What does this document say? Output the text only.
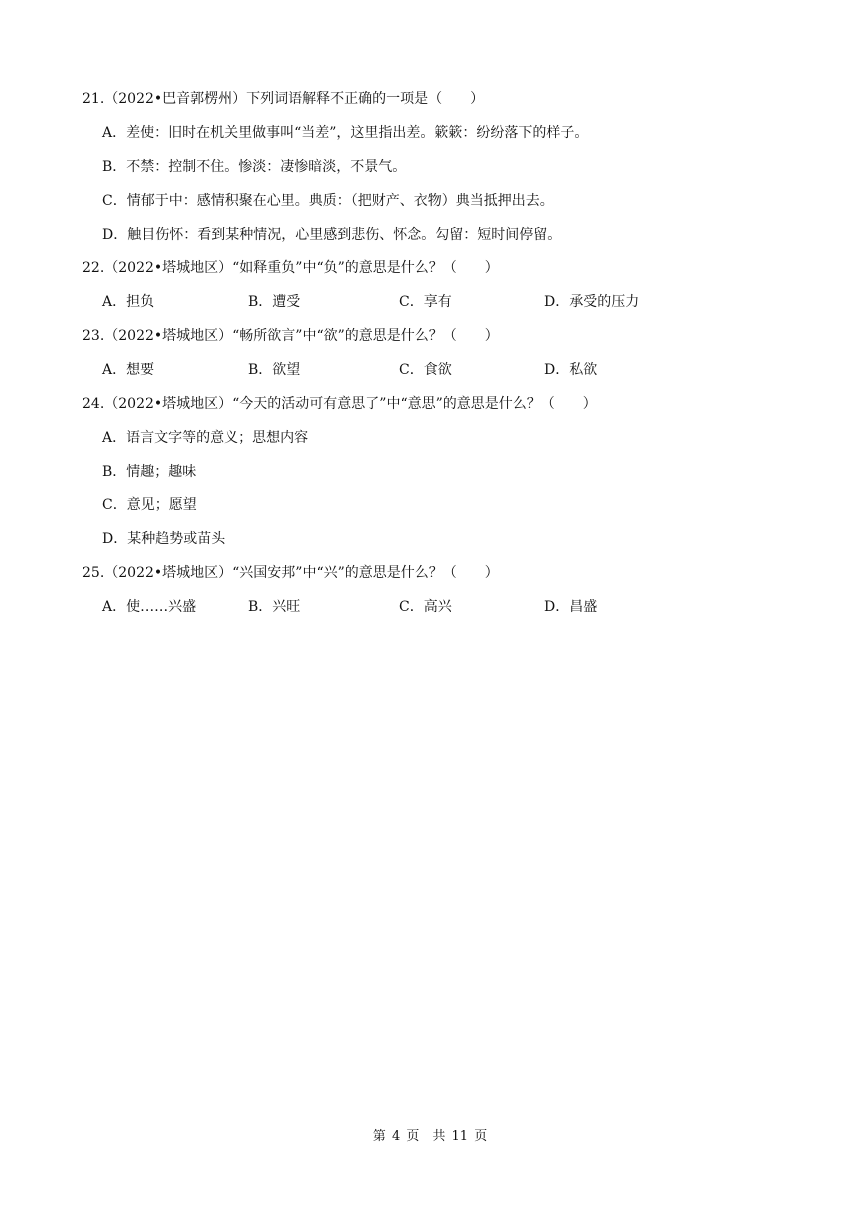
21.（2022•巴音郭楞州）下列词语解释不正确的一项是（　　）
A．差使：旧时在机关里做事叫“当差”，这里指出差。簌簌：纷纷落下的样子。
B．不禁：控制不住。惨淡：凄惨暗淡，不景气。
C．情郁于中：感情积聚在心里。典质：（把财产、衣物）典当抵押出去。
D．触目伤怀：看到某种情况，心里感到悲伤、怀念。勾留：短时间停留。
22.（2022•塔城地区）“如释重负”中“负”的意思是什么？（　　）
A．担负	B．遭受	C．享有	D．承受的压力
23.（2022•塔城地区）“畅所欲言”中“欲”的意思是什么？（　　）
A．想要	B．欲望	C．食欲	D．私欲
24.（2022•塔城地区）“今天的活动可有意思了”中“意思”的意思是什么？（　　）
A．语言文字等的意义；思想内容
B．情趣；趣味
C．意见；愿望
D．某种趋势或苗头
25.（2022•塔城地区）“兴国安邦”中“兴”的意思是什么？（　　）
A．使……兴盛	B．兴旺	C．高兴	D．昌盛
第 4 页　共 11 页
